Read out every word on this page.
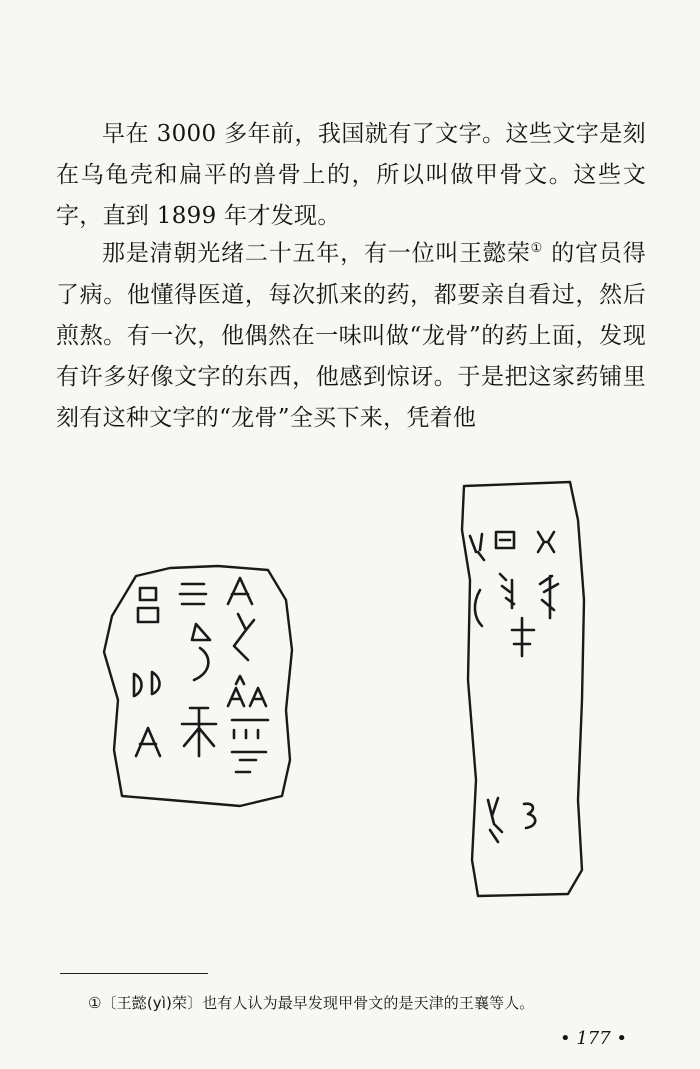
早在 3000 多年前，我国就有了文字。这些文字是刻在乌龟壳和扁平的兽骨上的，所以叫做甲骨文。这些文字，直到 1899 年才发现。

那是清朝光绪二十五年，有一位叫王懿荣① 的官员得了病。他懂得医道，每次抓来的药，都要亲自看过，然后煎熬。有一次，他偶然在一味叫做“龙骨”的药上面，发现有许多好像文字的东西，他感到惊讶。于是把这家药铺里刻有这种文字的“龙骨”全买下来，凭着他

①〔王懿(yì)荣〕也有人认为最早发现甲骨文的是天津的王襄等人。
• 177 •
